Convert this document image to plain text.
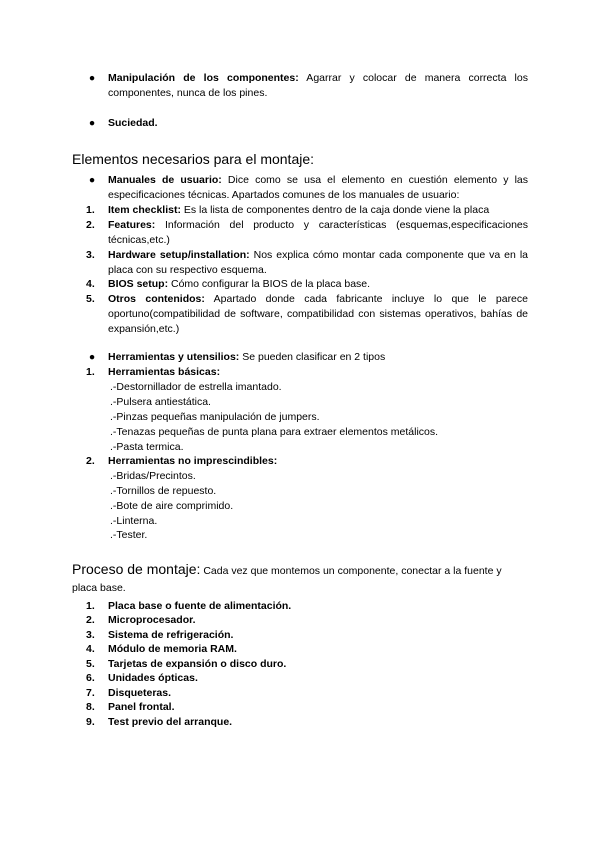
● Manipulación de los componentes: Agarrar y colocar de manera correcta los componentes, nunca de los pines.
● Suciedad.
Elementos necesarios para el montaje:
● Manuales de usuario: Dice como se usa el elemento en cuestión elemento y las especificaciones técnicas. Apartados comunes de los manuales de usuario:
1.	Item checklist: Es la lista de componentes dentro de la caja donde viene la placa
2.	Features: Información del producto y características (esquemas,especificaciones técnicas,etc.)
3.	Hardware setup/installation: Nos explica cómo montar cada componente que va en la placa con su respectivo esquema.
4.	BIOS setup: Cómo configurar la BIOS de la placa base.
5.	Otros contenidos: Apartado donde cada fabricante incluye lo que le parece oportuno(compatibilidad de software, compatibilidad con sistemas operativos, bahías de expansión,etc.)
● Herramientas y utensilios: Se pueden clasificar en 2 tipos
1.	Herramientas básicas:
.-Destornillador de estrella imantado.
.-Pulsera antiestática.
.-Pinzas pequeñas manipulación de jumpers.
.-Tenazas pequeñas de punta plana para extraer elementos metálicos.
.-Pasta termica.
2.	Herramientas no imprescindibles:
.-Bridas/Precintos.
.-Tornillos de repuesto.
.-Bote de aire comprimido.
.-Linterna.
.-Tester.
Proceso de montaje: Cada vez que montemos un componente, conectar a la fuente y placa base.
1.	Placa base o fuente de alimentación.
2.	Microprocesador.
3.	Sistema de refrigeración.
4.	Módulo de memoria RAM.
5.	Tarjetas de expansión o disco duro.
6.	Unidades ópticas.
7.	Disqueteras.
8.	Panel frontal.
9.	Test previo del arranque.
